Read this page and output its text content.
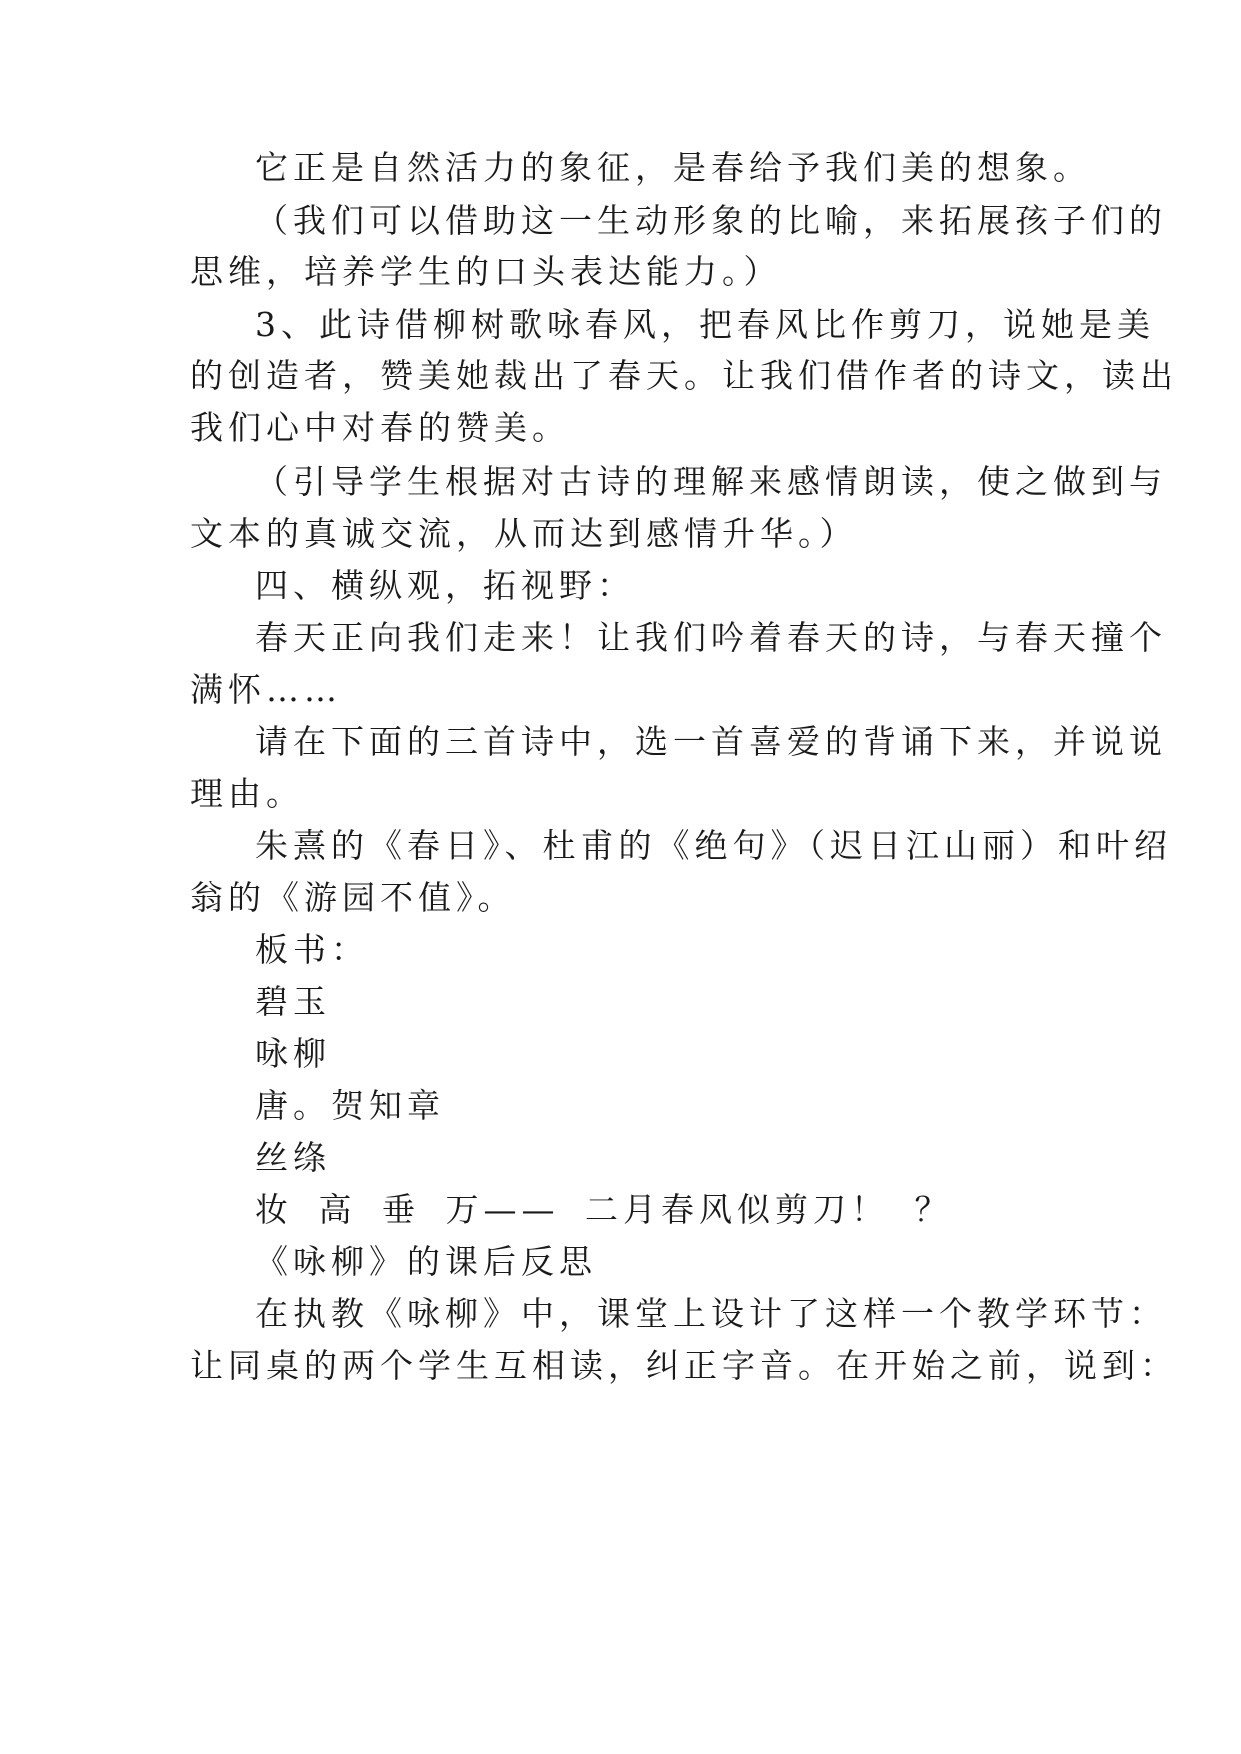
它正是自然活力的象征，是春给予我们美的想象。
（我们可以借助这一生动形象的比喻，来拓展孩子们的
思维，培养学生的口头表达能力。）
3、此诗借柳树歌咏春风，把春风比作剪刀，说她是美
的创造者，赞美她裁出了春天。让我们借作者的诗文，读出
我们心中对春的赞美。
（引导学生根据对古诗的理解来感情朗读，使之做到与
文本的真诚交流，从而达到感情升华。）
四、横纵观，拓视野：
春天正向我们走来！让我们吟着春天的诗，与春天撞个
满怀……
请在下面的三首诗中，选一首喜爱的背诵下来，并说说
理由。
朱熹的《春日》、杜甫的《绝句》（迟日江山丽）和叶绍
翁的《游园不值》。
板书：
碧玉
咏柳
唐。贺知章
丝绦
妆 高 垂 万—— 二月春风似剪刀！ ？
《咏柳》的课后反思
在执教《咏柳》中，课堂上设计了这样一个教学环节：
让同桌的两个学生互相读，纠正字音。在开始之前，说到：
